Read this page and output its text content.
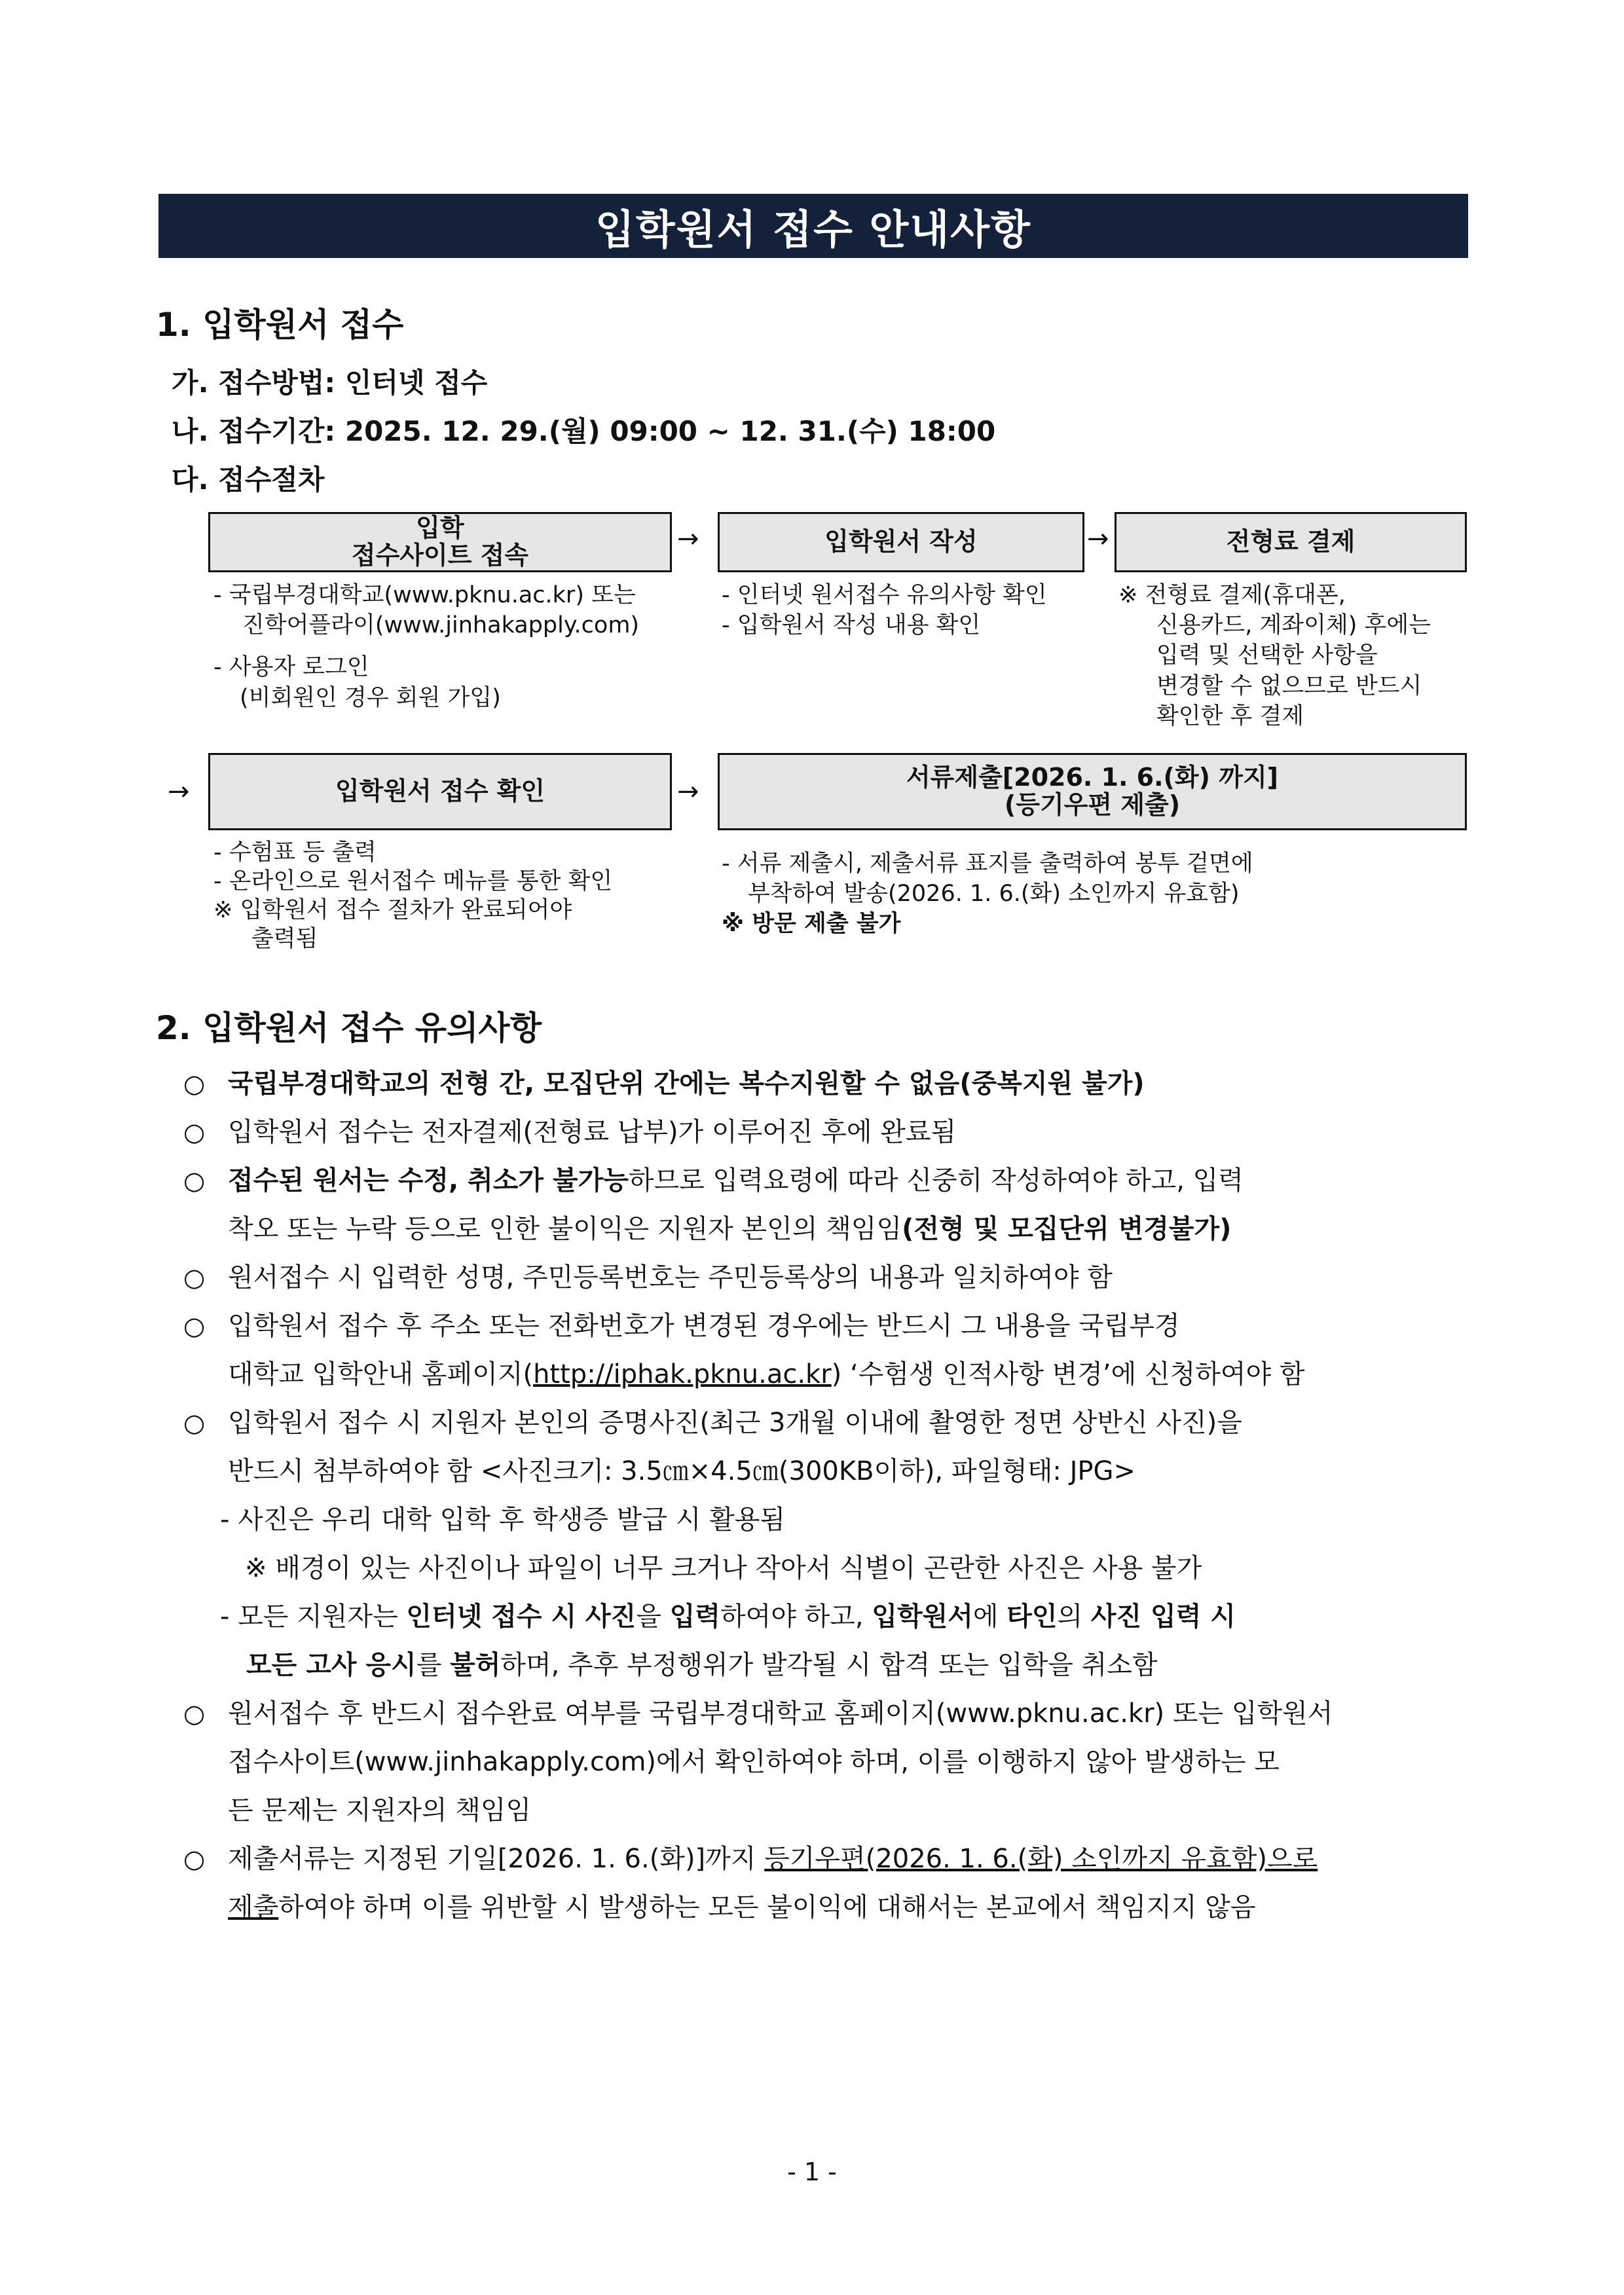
입학원서 접수 안내사항
1. 입학원서 접수
가. 접수방법: 인터넷 접수
나. 접수기간: 2025. 12. 29.(월) 09:00 ~ 12. 31.(수) 18:00
다. 접수절차
입학
접수사이트 접속
→	입학원서 작성	→	전형료 결제
- 국립부경대학교(www.pknu.ac.kr) 또는
진학어플라이(www.jinhakapply.com)
- 사용자 로그인
(비회원인 경우 회원 가입)
- 인터넷 원서접수 유의사항 확인
- 입학원서 작성 내용 확인
※ 전형료 결제(휴대폰,
신용카드, 계좌이체) 후에는
입력 및 선택한 사항을
변경할 수 없으므로 반드시
확인한 후 결제
→	입학원서 접수 확인	→	서류제출[2026. 1. 6.(화) 까지]
(등기우편 제출)
- 수험표 등 출력
- 온라인으로 원서접수 메뉴를 통한 확인
※ 입학원서 접수 절차가 완료되어야
출력됨
- 서류 제출시, 제출서류 표지를 출력하여 봉투 겉면에
부착하여 발송(2026. 1. 6.(화) 소인까지 유효함)
※ 방문 제출 불가
2. 입학원서 접수 유의사항
○ 국립부경대학교의 전형 간, 모집단위 간에는 복수지원할 수 없음(중복지원 불가)
○ 입학원서 접수는 전자결제(전형료 납부)가 이루어진 후에 완료됨
○ 접수된 원서는 수정, 취소가 불가능하므로 입력요령에 따라 신중히 작성하여야 하고, 입력
착오 또는 누락 등으로 인한 불이익은 지원자 본인의 책임임(전형 및 모집단위 변경불가)
○ 원서접수 시 입력한 성명, 주민등록번호는 주민등록상의 내용과 일치하여야 함
○ 입학원서 접수 후 주소 또는 전화번호가 변경된 경우에는 반드시 그 내용을 국립부경
대학교 입학안내 홈페이지(http://iphak.pknu.ac.kr) ‘수험생 인적사항 변경’에 신청하여야 함
○ 입학원서 접수 시 지원자 본인의 증명사진(최근 3개월 이내에 촬영한 정면 상반신 사진)을
반드시 첨부하여야 함 <사진크기: 3.5㎝×4.5㎝(300KB이하), 파일형태: JPG>
- 사진은 우리 대학 입학 후 학생증 발급 시 활용됨
※ 배경이 있는 사진이나 파일이 너무 크거나 작아서 식별이 곤란한 사진은 사용 불가
- 모든 지원자는 인터넷 접수 시 사진을 입력하여야 하고, 입학원서에 타인의 사진 입력 시
모든 고사 응시를 불허하며, 추후 부정행위가 발각될 시 합격 또는 입학을 취소함
○ 원서접수 후 반드시 접수완료 여부를 국립부경대학교 홈페이지(www.pknu.ac.kr) 또는 입학원서
접수사이트(www.jinhakapply.com)에서 확인하여야 하며, 이를 이행하지 않아 발생하는 모
든 문제는 지원자의 책임임
○ 제출서류는 지정된 기일[2026. 1. 6.(화)]까지 등기우편(2026. 1. 6.(화) 소인까지 유효함)으로
제출하여야 하며 이를 위반할 시 발생하는 모든 불이익에 대해서는 본교에서 책임지지 않음
- 1 -
